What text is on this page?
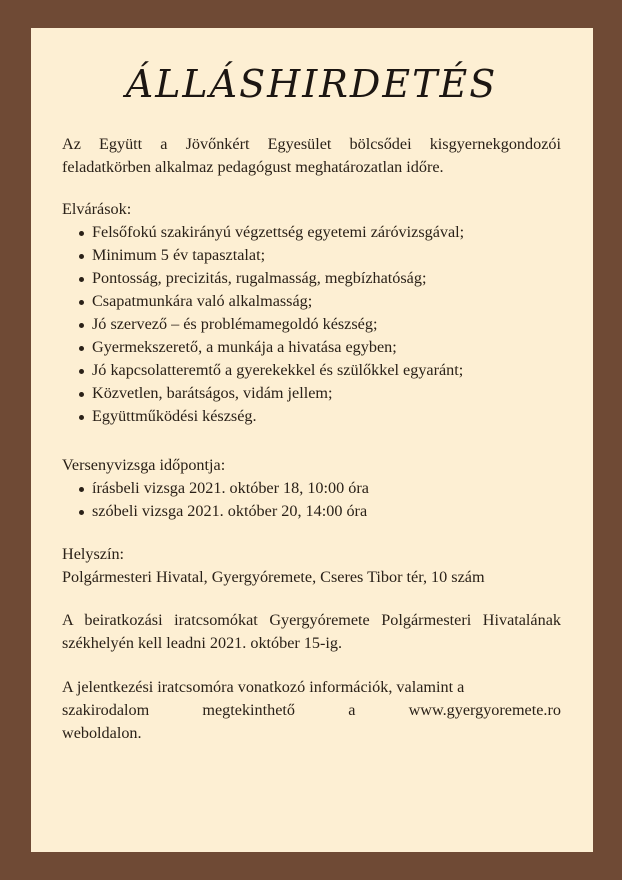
ÁLLÁSHIRDETÉS

Az Együtt a Jövőnkért Egyesület bölcsődei kisgyernekgondozói feladatkörben alkalmaz pedagógust meghatározatlan időre.

Elvárások:
Felsőfokú szakirányú végzettség egyetemi záróvizsgával;
Minimum 5 év tapasztalat;
Pontosság, precizitás, rugalmasság, megbízhatóság;
Csapatmunkára való alkalmasság;
Jó szervező – és problémamegoldó készség;
Gyermekszerető, a munkája a hivatása egyben;
Jó kapcsolatteremtő a gyerekekkel és szülőkkel egyaránt;
Közvetlen, barátságos, vidám jellem;
Együttműködési készség.
Versenyvizsga időpontja:
írásbeli vizsga 2021. október 18, 10:00 óra
szóbeli vizsga 2021. október 20, 14:00 óra
Helyszín:

Polgármesteri Hivatal, Gyergyóremete, Cseres Tibor tér, 10 szám

A beiratkozási iratcsomókat Gyergyóremete Polgármesteri Hivatalának székhelyén kell leadni 2021. október 15-ig.

A jelentkezési iratcsomóra vonatkozó információk, valamint a

szakirodalom	megtekinthető	a	www.gyergyoremete.ro

weboldalon.
